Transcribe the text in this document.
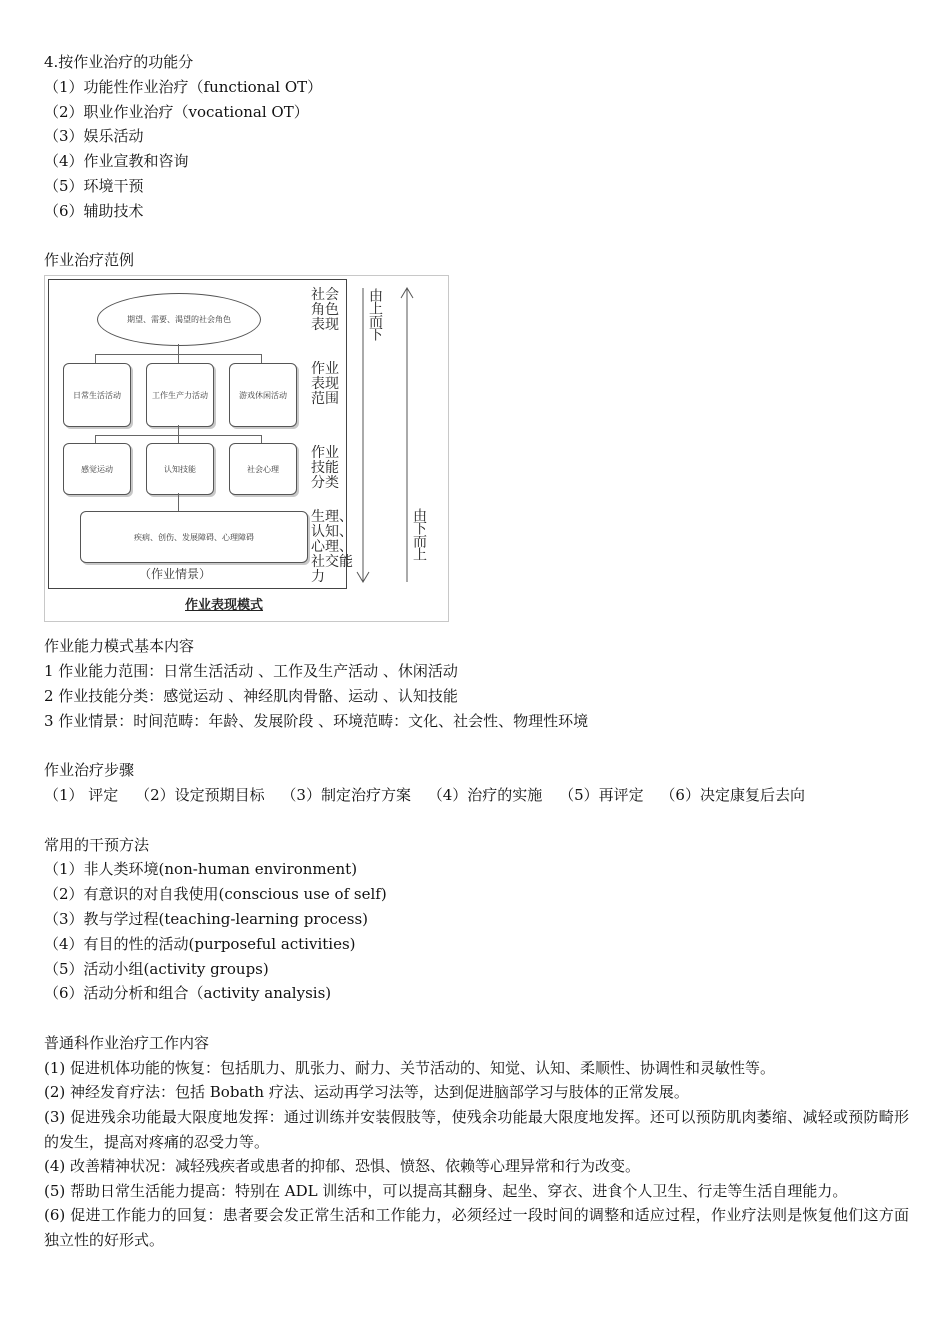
4.按作业治疗的功能分
（1）功能性作业治疗（functional OT）
（2）职业作业治疗（vocational OT）
（3）娱乐活动
（4）作业宣教和咨询
（5）环境干预
（6）辅助技术
作业治疗范例
期望、需要、渴望的社会角色
日常生活活动	工作生产力活动	游戏休闲活动
感觉运动	认知技能	社会心理
疾病、创伤、发展障碍、心理障碍
（作业情景）
作业表现模式
社会角色表现
作业表现范围
作业技能分类
生理、认知、心理、社交能力
由上而下
由下而上
作业能力模式基本内容
1 作业能力范围：日常生活活动 、工作及生产活动 、休闲活动
2 作业技能分类：感觉运动 、神经肌肉骨骼、运动 、认知技能
3 作业情景：时间范畴：年龄、发展阶段 、环境范畴：文化、社会性、物理性环境
作业治疗步骤
（1） 评定 （2）设定预期目标 （3）制定治疗方案 （4）治疗的实施 （5）再评定 （6）决定康复后去向
常用的干预方法
（1）非人类环境(non-human environment)
（2）有意识的对自我使用(conscious use of self)
（3）教与学过程(teaching-learning process)
（4）有目的性的活动(purposeful activities)
（5）活动小组(activity groups)
（6）活动分析和组合（activity analysis)
普通科作业治疗工作内容
(1) 促进机体功能的恢复：包括肌力、肌张力、耐力、关节活动的、知觉、认知、柔顺性、协调性和灵敏性等。
(2) 神经发育疗法：包括 Bobath 疗法、运动再学习法等，达到促进脑部学习与肢体的正常发展。
(3) 促进残余功能最大限度地发挥：通过训练并安装假肢等，使残余功能最大限度地发挥。还可以预防肌肉萎缩、减轻或预防畸形的发生，提高对疼痛的忍受力等。
(4) 改善精神状况：减轻残疾者或患者的抑郁、恐惧、愤怒、依赖等心理异常和行为改变。
(5) 帮助日常生活能力提高：特别在 ADL 训练中，可以提高其翻身、起坐、穿衣、进食个人卫生、行走等生活自理能力。
(6) 促进工作能力的回复：患者要会发正常生活和工作能力，必须经过一段时间的调整和适应过程，作业疗法则是恢复他们这方面独立性的好形式。
